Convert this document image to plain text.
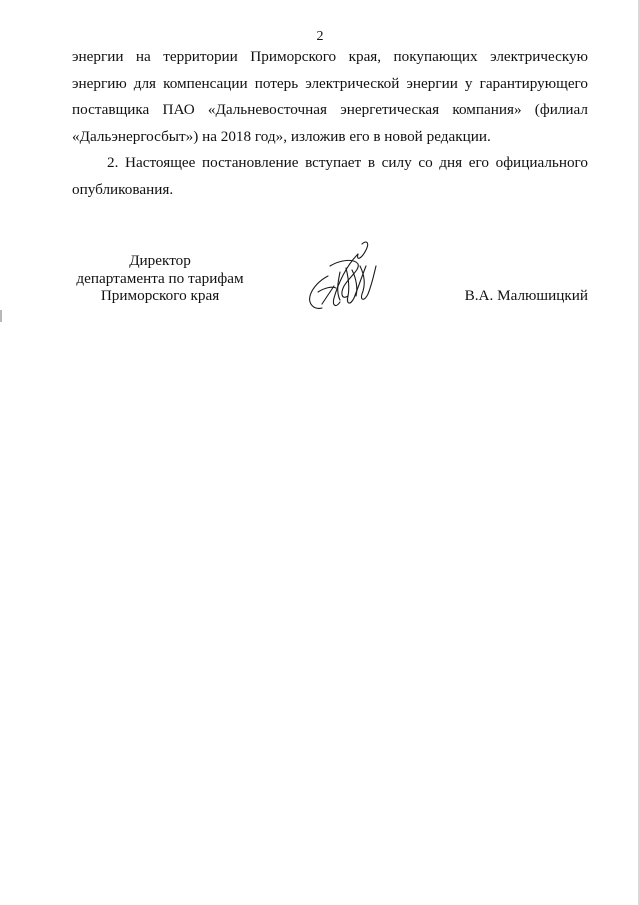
2

энергии на территории Приморского края, покупающих электрическую
энергию для компенсации потерь электрической энергии у гарантирующего
поставщика ПАО «Дальневосточная энергетическая компания» (филиал
«Дальэнергосбыт») на 2018 год», изложив его в новой редакции.

2. Настоящее постановление вступает в силу со дня его официального
опубликования.

Директор
департамента по тарифам
Приморского края	В.А. Малюшицкий
